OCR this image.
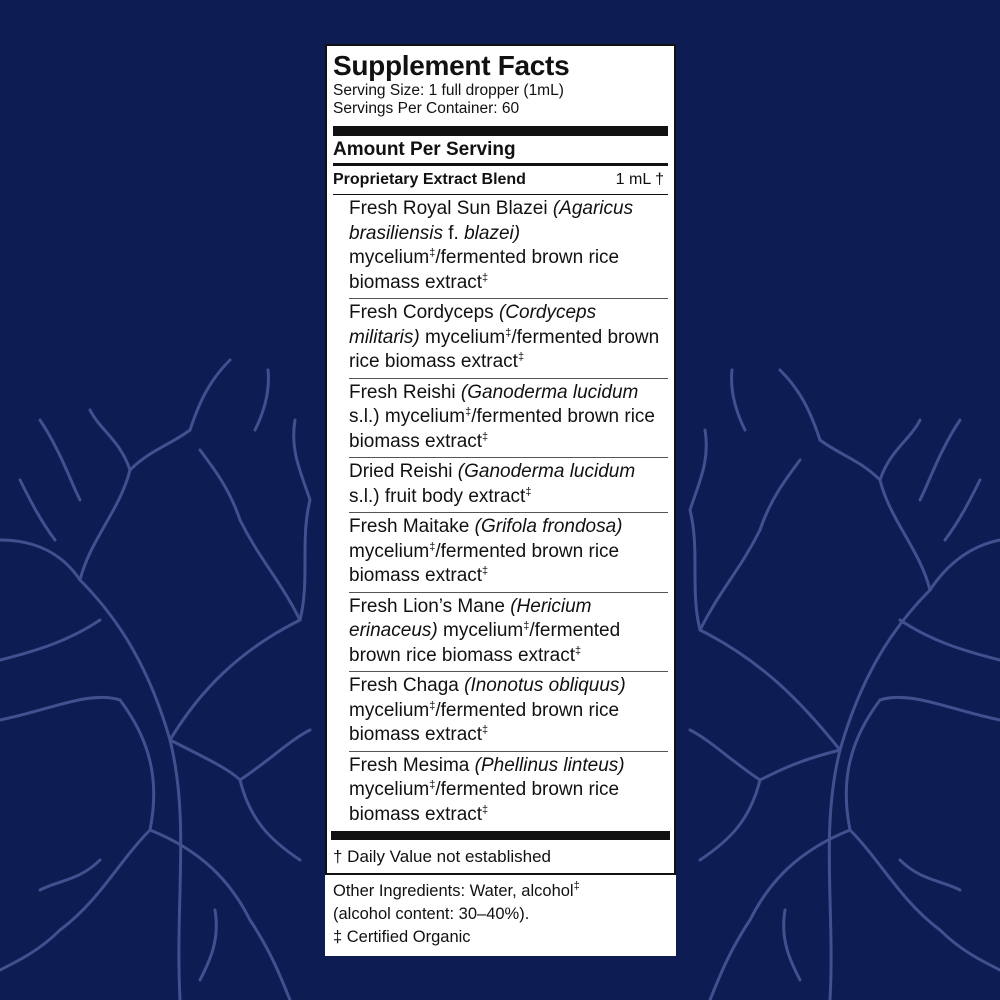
Supplement Facts
Serving Size: 1 full dropper (1mL)
Servings Per Container: 60
Amount Per Serving
Proprietary Extract Blend	1 mL †
Fresh Royal Sun Blazei (Agaricus brasiliensis f. blazei) mycelium‡/fermented brown rice biomass extract‡
Fresh Cordyceps (Cordyceps militaris) mycelium‡/fermented brown rice biomass extract‡
Fresh Reishi (Ganoderma lucidum s.l.) mycelium‡/fermented brown rice biomass extract‡
Dried Reishi (Ganoderma lucidum s.l.) fruit body extract‡
Fresh Maitake (Grifola frondosa) mycelium‡/fermented brown rice biomass extract‡
Fresh Lion’s Mane (Hericium erinaceus) mycelium‡/fermented brown rice biomass extract‡
Fresh Chaga (Inonotus obliquus) mycelium‡/fermented brown rice biomass extract‡
Fresh Mesima (Phellinus linteus) mycelium‡/fermented brown rice biomass extract‡
† Daily Value not established
Other Ingredients: Water, alcohol‡
(alcohol content: 30–40%).
‡ Certified Organic
